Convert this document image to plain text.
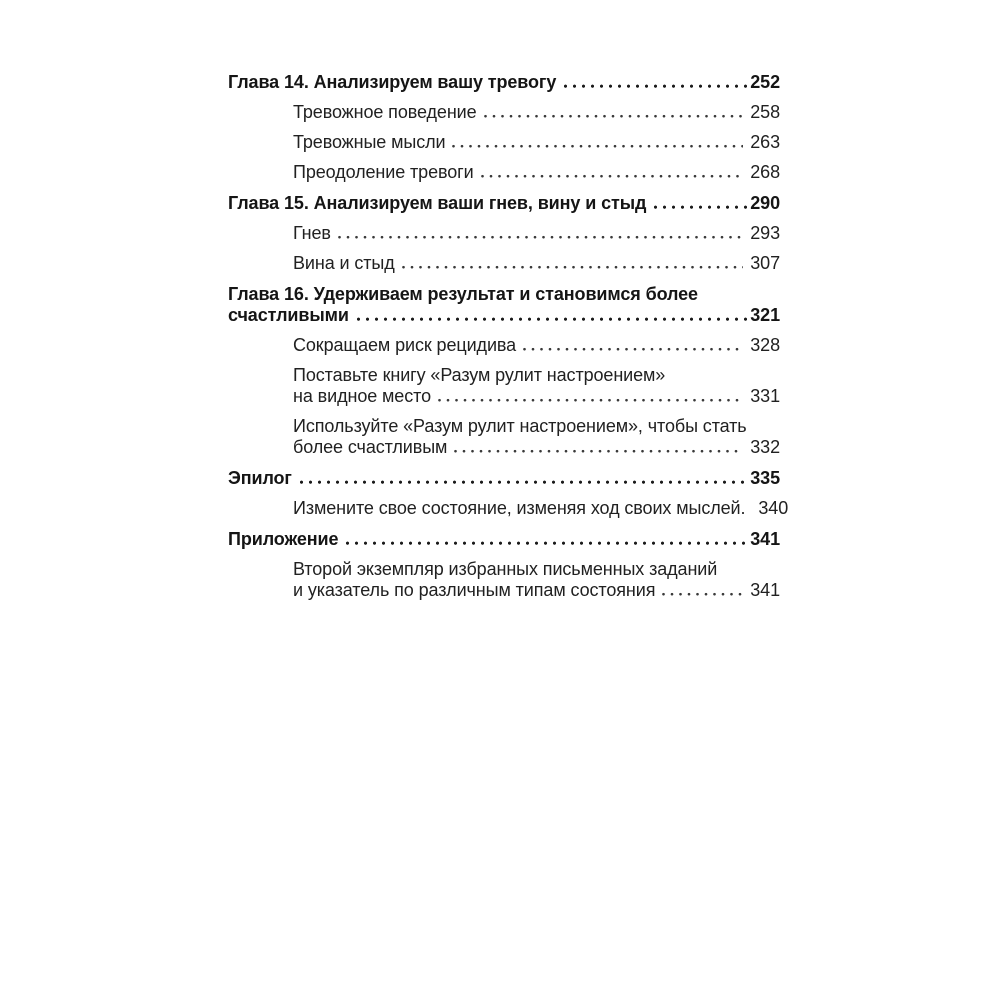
Глава 14. Анализируем вашу тревогу	252
Тревожное поведение	258
Тревожные мысли	263
Преодоление тревоги	268
Глава 15. Анализируем ваши гнев, вину и стыд	290
Гнев	293
Вина и стыд	307
Глава 16. Удерживаем результат и становимся более
счастливыми	321
Сокращаем риск рецидива	328
Поставьте книгу «Разум рулит настроением»
на видное место	331
Используйте «Разум рулит настроением», чтобы стать
более счастливым	332
Эпилог	335
Измените свое состояние, изменяя ход своих мыслей. 340
Приложение	341
Второй экземпляр избранных письменных заданий
и указатель по различным типам состояния	341
